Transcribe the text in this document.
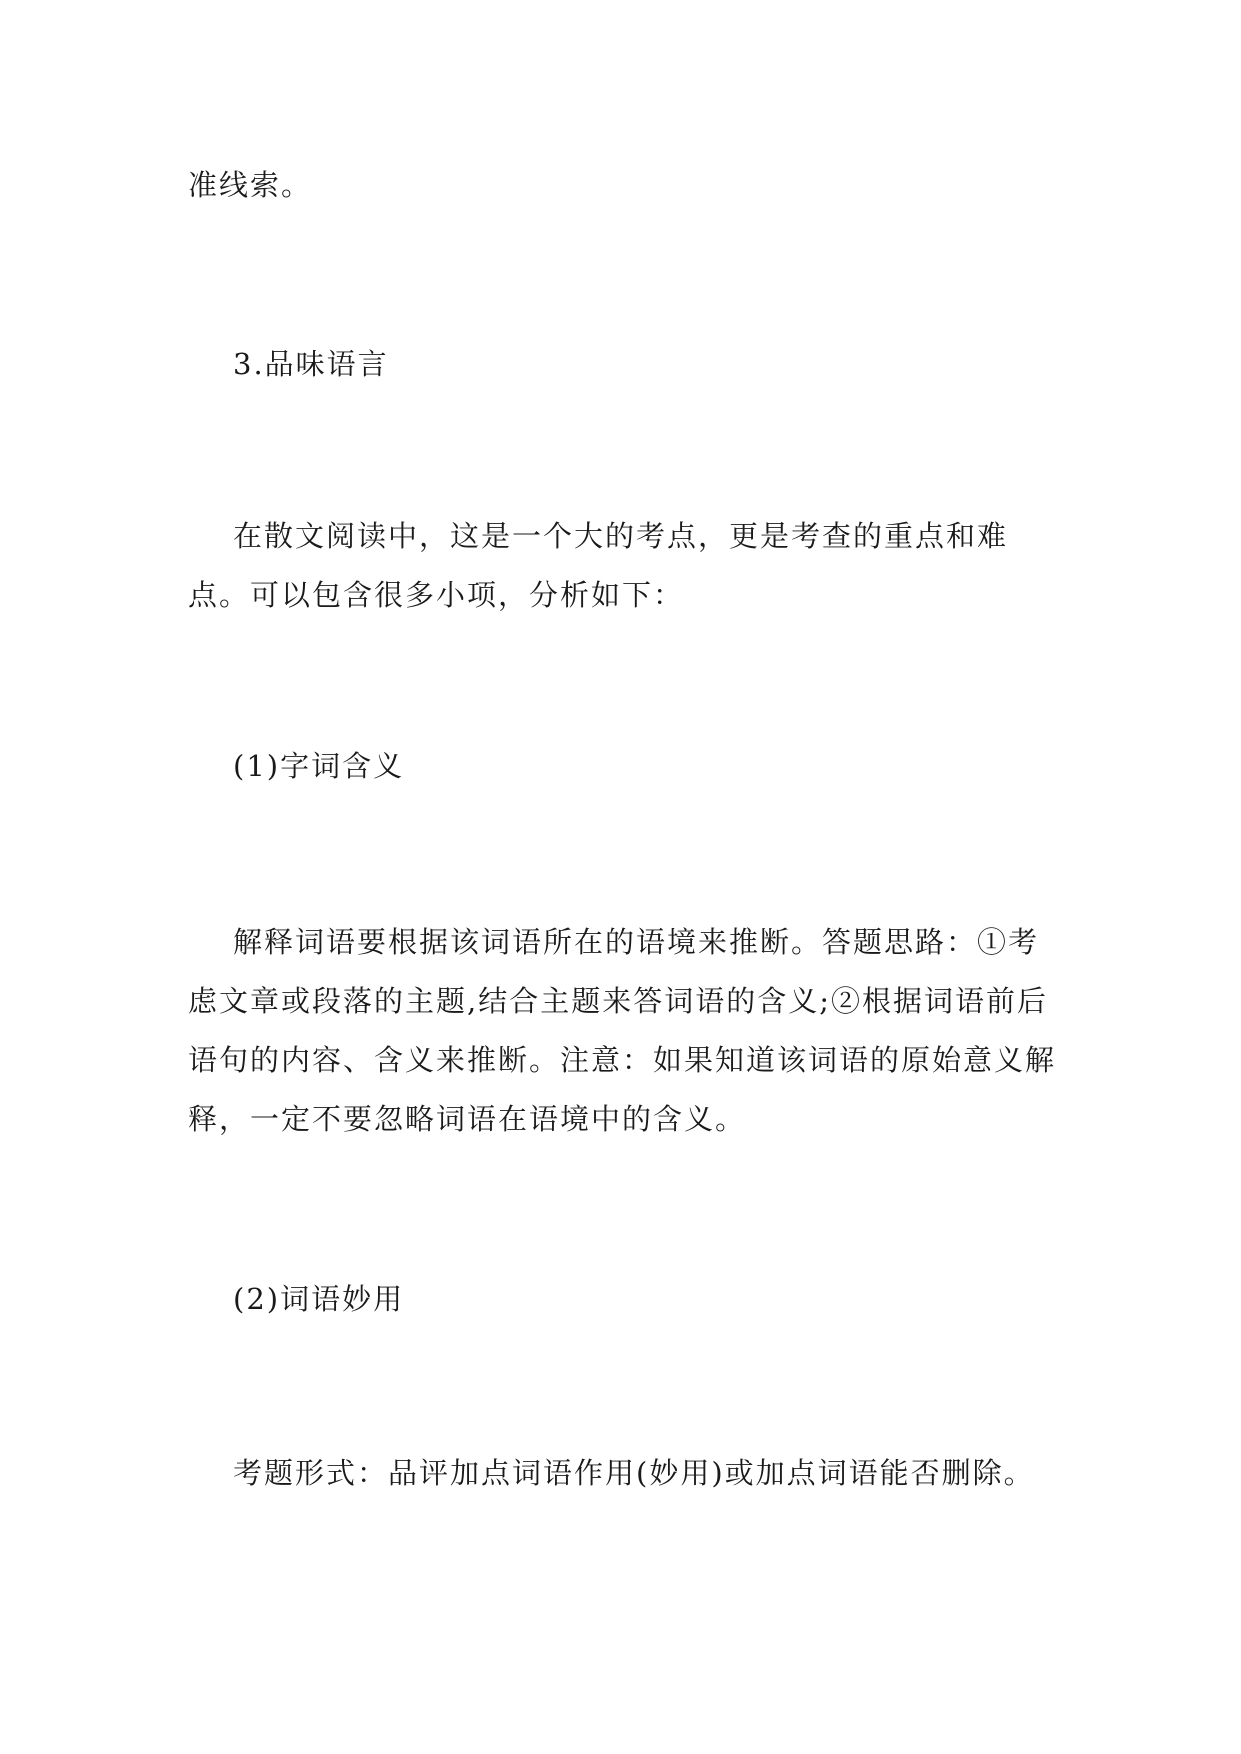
准线索。

3.品味语言

在散文阅读中，这是一个大的考点，更是考查的重点和难点。可以包含很多小项，分析如下：

(1)字词含义

解释词语要根据该词语所在的语境来推断。答题思路：①考虑文章或段落的主题,结合主题来答词语的含义;②根据词语前后语句的内容、含义来推断。注意：如果知道该词语的原始意义解释，一定不要忽略词语在语境中的含义。

(2)词语妙用

考题形式：品评加点词语作用(妙用)或加点词语能否删除。
